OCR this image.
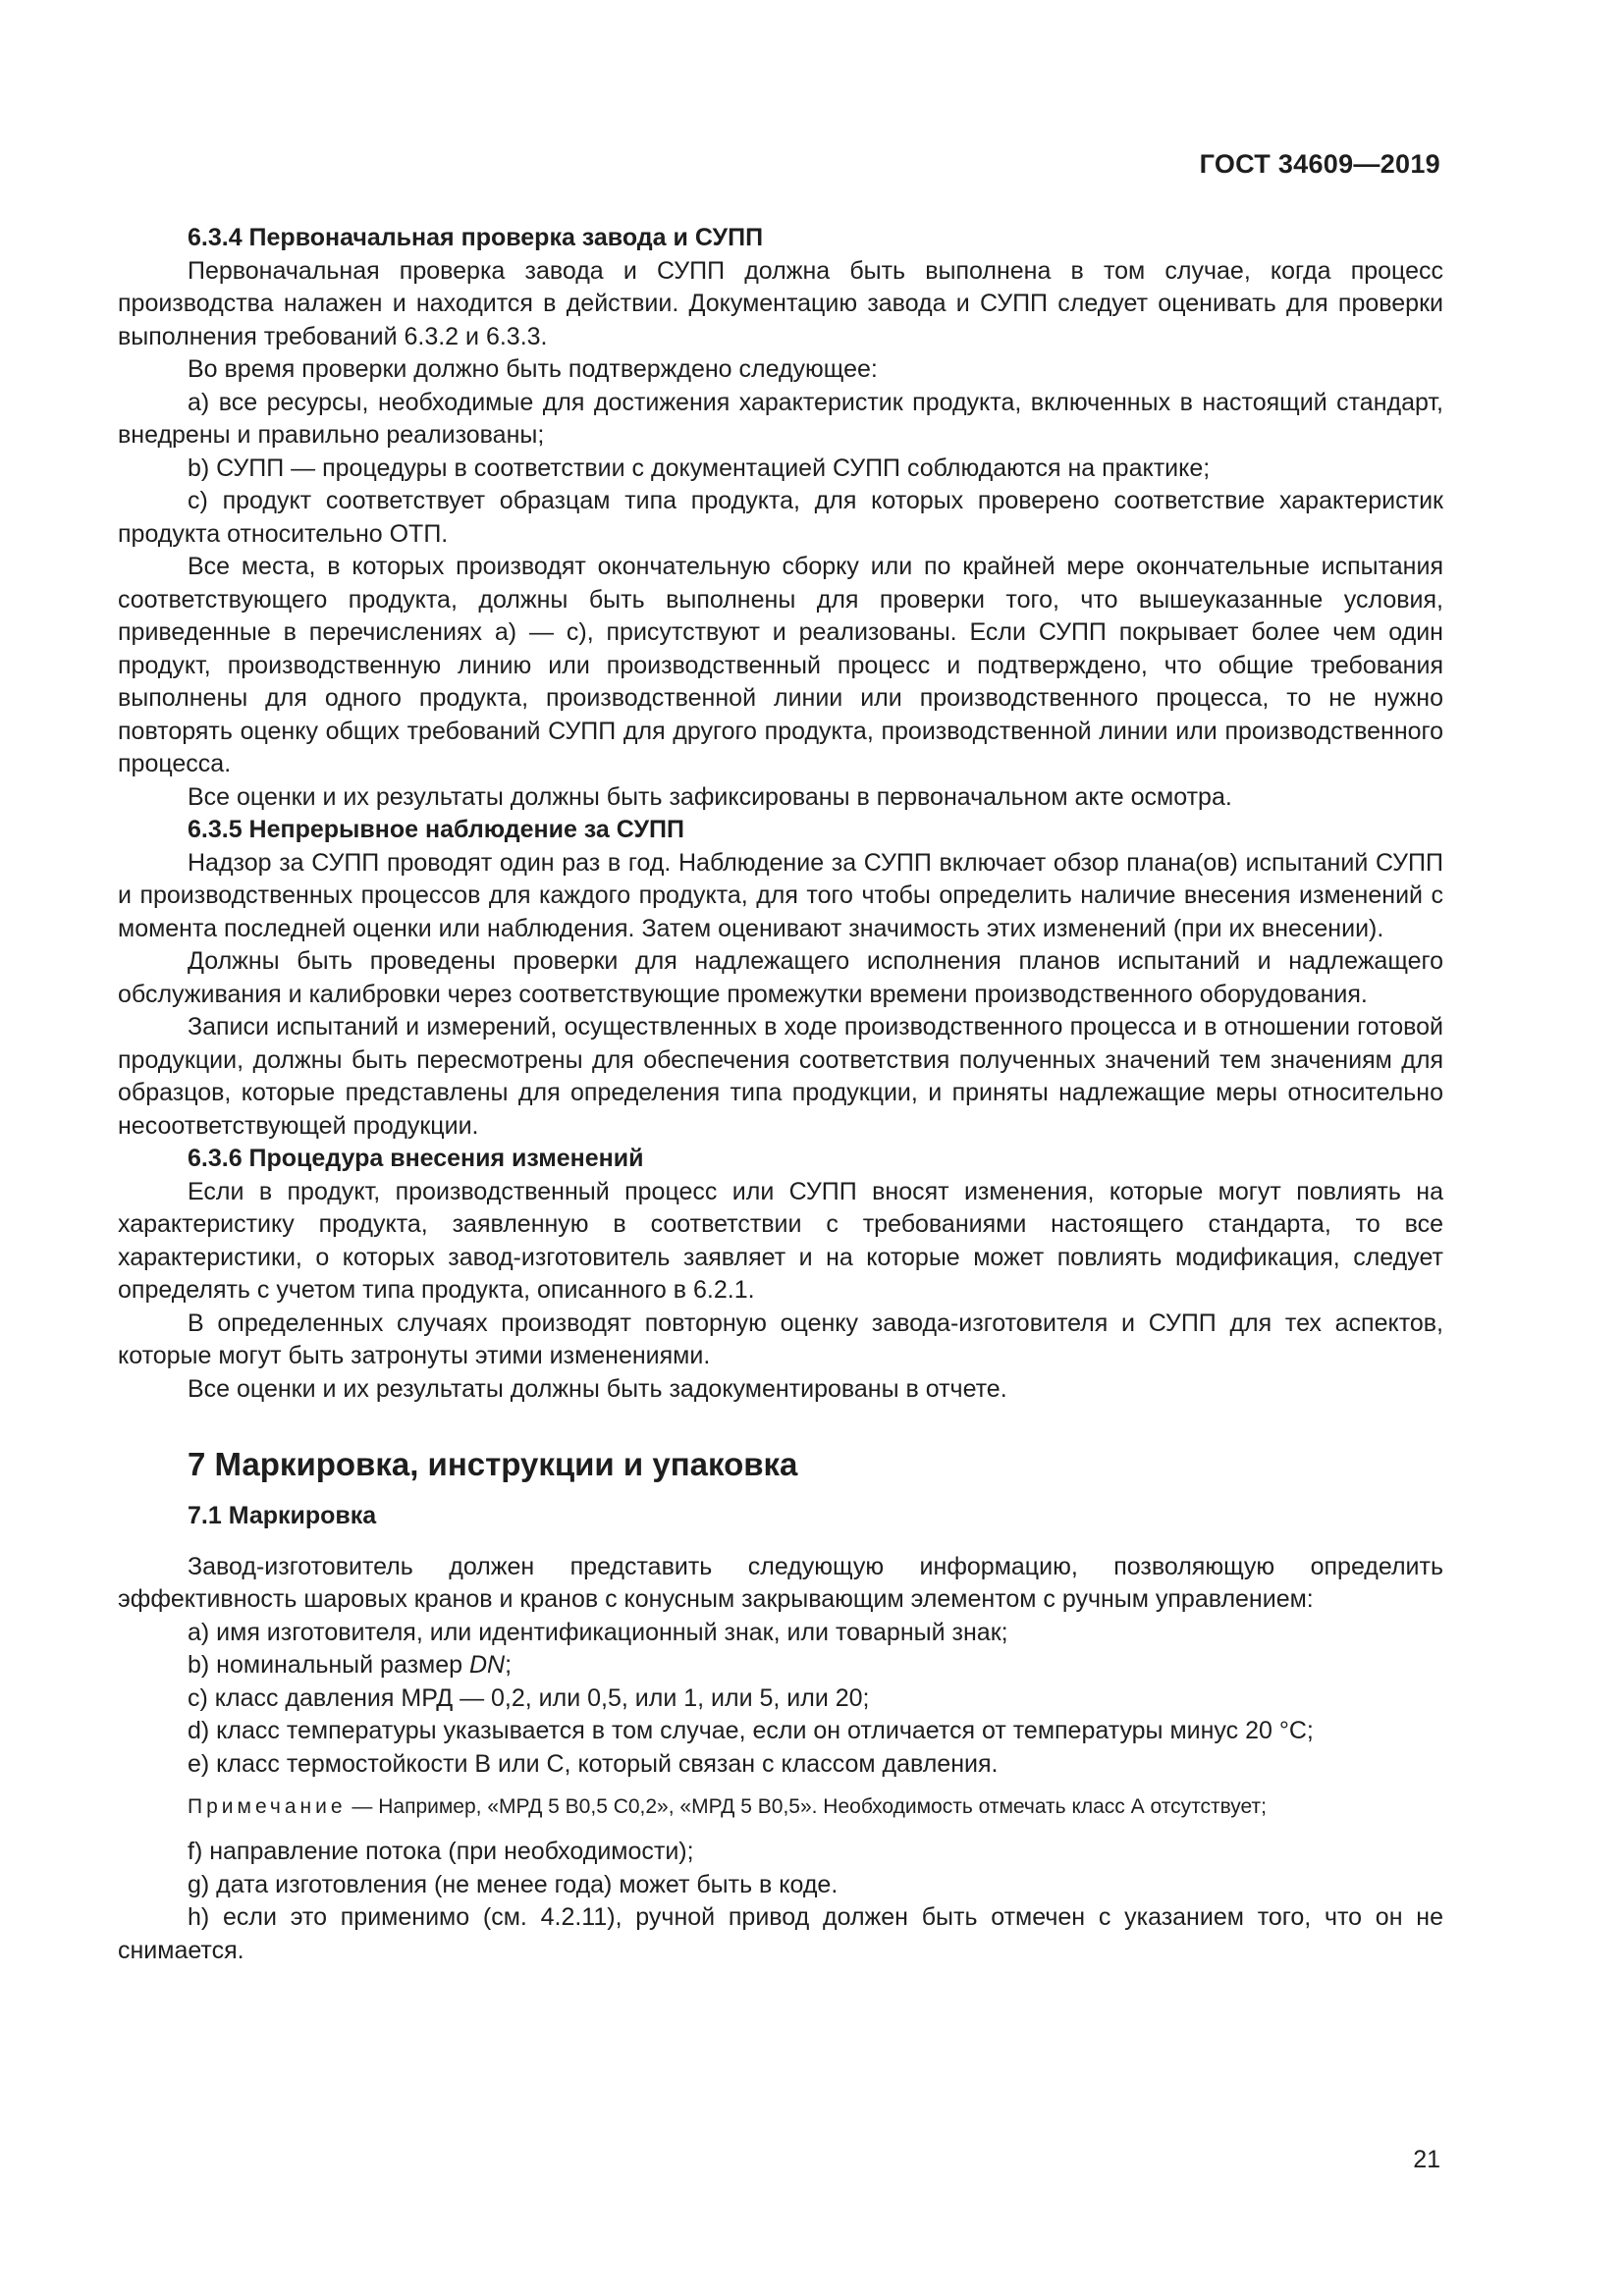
ГОСТ 34609—2019

6.3.4 Первоначальная проверка завода и СУПП

Первоначальная проверка завода и СУПП должна быть выполнена в том случае, когда процесс производства налажен и находится в действии. Документацию завода и СУПП следует оценивать для проверки выполнения требований 6.3.2 и 6.3.3.

Во время проверки должно быть подтверждено следующее:

а) все ресурсы, необходимые для достижения характеристик продукта, включенных в настоящий стандарт, внедрены и правильно реализованы;

b) СУПП — процедуры в соответствии с документацией СУПП соблюдаются на практике;

с) продукт соответствует образцам типа продукта, для которых проверено соответствие характеристик продукта относительно ОТП.

Все места, в которых производят окончательную сборку или по крайней мере окончательные испытания соответствующего продукта, должны быть выполнены для проверки того, что вышеуказанные условия, приведенные в перечислениях а) — с), присутствуют и реализованы. Если СУПП покрывает более чем один продукт, производственную линию или производственный процесс и подтверждено, что общие требования выполнены для одного продукта, производственной линии или производственного процесса, то не нужно повторять оценку общих требований СУПП для другого продукта, производственной линии или производственного процесса.

Все оценки и их результаты должны быть зафиксированы в первоначальном акте осмотра.

6.3.5 Непрерывное наблюдение за СУПП

Надзор за СУПП проводят один раз в год. Наблюдение за СУПП включает обзор плана(ов) испытаний СУПП и производственных процессов для каждого продукта, для того чтобы определить наличие внесения изменений с момента последней оценки или наблюдения. Затем оценивают значимость этих изменений (при их внесении).

Должны быть проведены проверки для надлежащего исполнения планов испытаний и надлежащего обслуживания и калибровки через соответствующие промежутки времени производственного оборудования.

Записи испытаний и измерений, осуществленных в ходе производственного процесса и в отношении готовой продукции, должны быть пересмотрены для обеспечения соответствия полученных значений тем значениям для образцов, которые представлены для определения типа продукции, и приняты надлежащие меры относительно несоответствующей продукции.

6.3.6 Процедура внесения изменений

Если в продукт, производственный процесс или СУПП вносят изменения, которые могут повлиять на характеристику продукта, заявленную в соответствии с требованиями настоящего стандарта, то все характеристики, о которых завод-изготовитель заявляет и на которые может повлиять модификация, следует определять с учетом типа продукта, описанного в 6.2.1.

В определенных случаях производят повторную оценку завода-изготовителя и СУПП для тех аспектов, которые могут быть затронуты этими изменениями.

Все оценки и их результаты должны быть задокументированы в отчете.

7 Маркировка, инструкции и упаковка

7.1 Маркировка

Завод-изготовитель должен представить следующую информацию, позволяющую определить эффективность шаровых кранов и кранов с конусным закрывающим элементом с ручным управлением:

а) имя изготовителя, или идентификационный знак, или товарный знак;

b) номинальный размер DN;

с) класс давления МРД — 0,2, или 0,5, или 1, или 5, или 20;

d) класс температуры указывается в том случае, если он отличается от температуры минус 20 °С;

е) класс термостойкости В или С, который связан с классом давления.

Примечание — Например, «МРД 5 В0,5 С0,2», «МРД 5 В0,5». Необходимость отмечать класс А отсутствует;

f) направление потока (при необходимости);

g) дата изготовления (не менее года) может быть в коде.

h) если это применимо (см. 4.2.11), ручной привод должен быть отмечен с указанием того, что он не снимается.

21
